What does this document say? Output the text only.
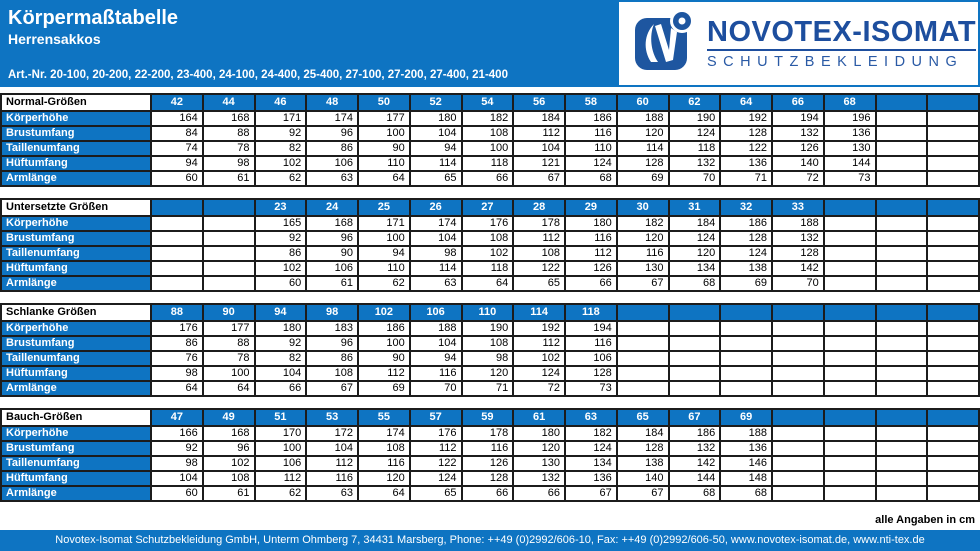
Körpermaßtabelle
Herrensakkos
Art.-Nr. 20-100, 20-200, 22-200, 23-400, 24-100, 24-400, 25-400, 27-100, 27-200, 27-400, 21-400
NOVOTEX-ISOMAT
SCHUTZBEKLEIDUNG
Normal-Größen	42	44	46	48	50	52	54	56	58	60	62	64	66	68		
Körperhöhe	164	168	171	174	177	180	182	184	186	188	190	192	194	196		
Brustumfang	84	88	92	96	100	104	108	112	116	120	124	128	132	136		
Taillenumfang	74	78	82	86	90	94	100	104	110	114	118	122	126	130		
Hüftumfang	94	98	102	106	110	114	118	121	124	128	132	136	140	144		
Armlänge	60	61	62	63	64	65	66	67	68	69	70	71	72	73		
Untersetzte Größen			23	24	25	26	27	28	29	30	31	32	33			
Körperhöhe			165	168	171	174	176	178	180	182	184	186	188			
Brustumfang			92	96	100	104	108	112	116	120	124	128	132			
Taillenumfang			86	90	94	98	102	108	112	116	120	124	128			
Hüftumfang			102	106	110	114	118	122	126	130	134	138	142			
Armlänge			60	61	62	63	64	65	66	67	68	69	70			
Schlanke Größen	88	90	94	98	102	106	110	114	118							
Körperhöhe	176	177	180	183	186	188	190	192	194							
Brustumfang	86	88	92	96	100	104	108	112	116							
Taillenumfang	76	78	82	86	90	94	98	102	106							
Hüftumfang	98	100	104	108	112	116	120	124	128							
Armlänge	64	64	66	67	69	70	71	72	73							
Bauch-Größen	47	49	51	53	55	57	59	61	63	65	67	69				
Körperhöhe	166	168	170	172	174	176	178	180	182	184	186	188				
Brustumfang	92	96	100	104	108	112	116	120	124	128	132	136				
Taillenumfang	98	102	106	112	116	122	126	130	134	138	142	146				
Hüftumfang	104	108	112	116	120	124	128	132	136	140	144	148				
Armlänge	60	61	62	63	64	65	66	66	67	67	68	68				
alle Angaben in cm
Novotex-Isomat Schutzbekleidung GmbH, Unterm Ohmberg 7, 34431 Marsberg, Phone: ++49 (0)2992/606-10, Fax: ++49 (0)2992/606-50, www.novotex-isomat.de, www.nti-tex.de
